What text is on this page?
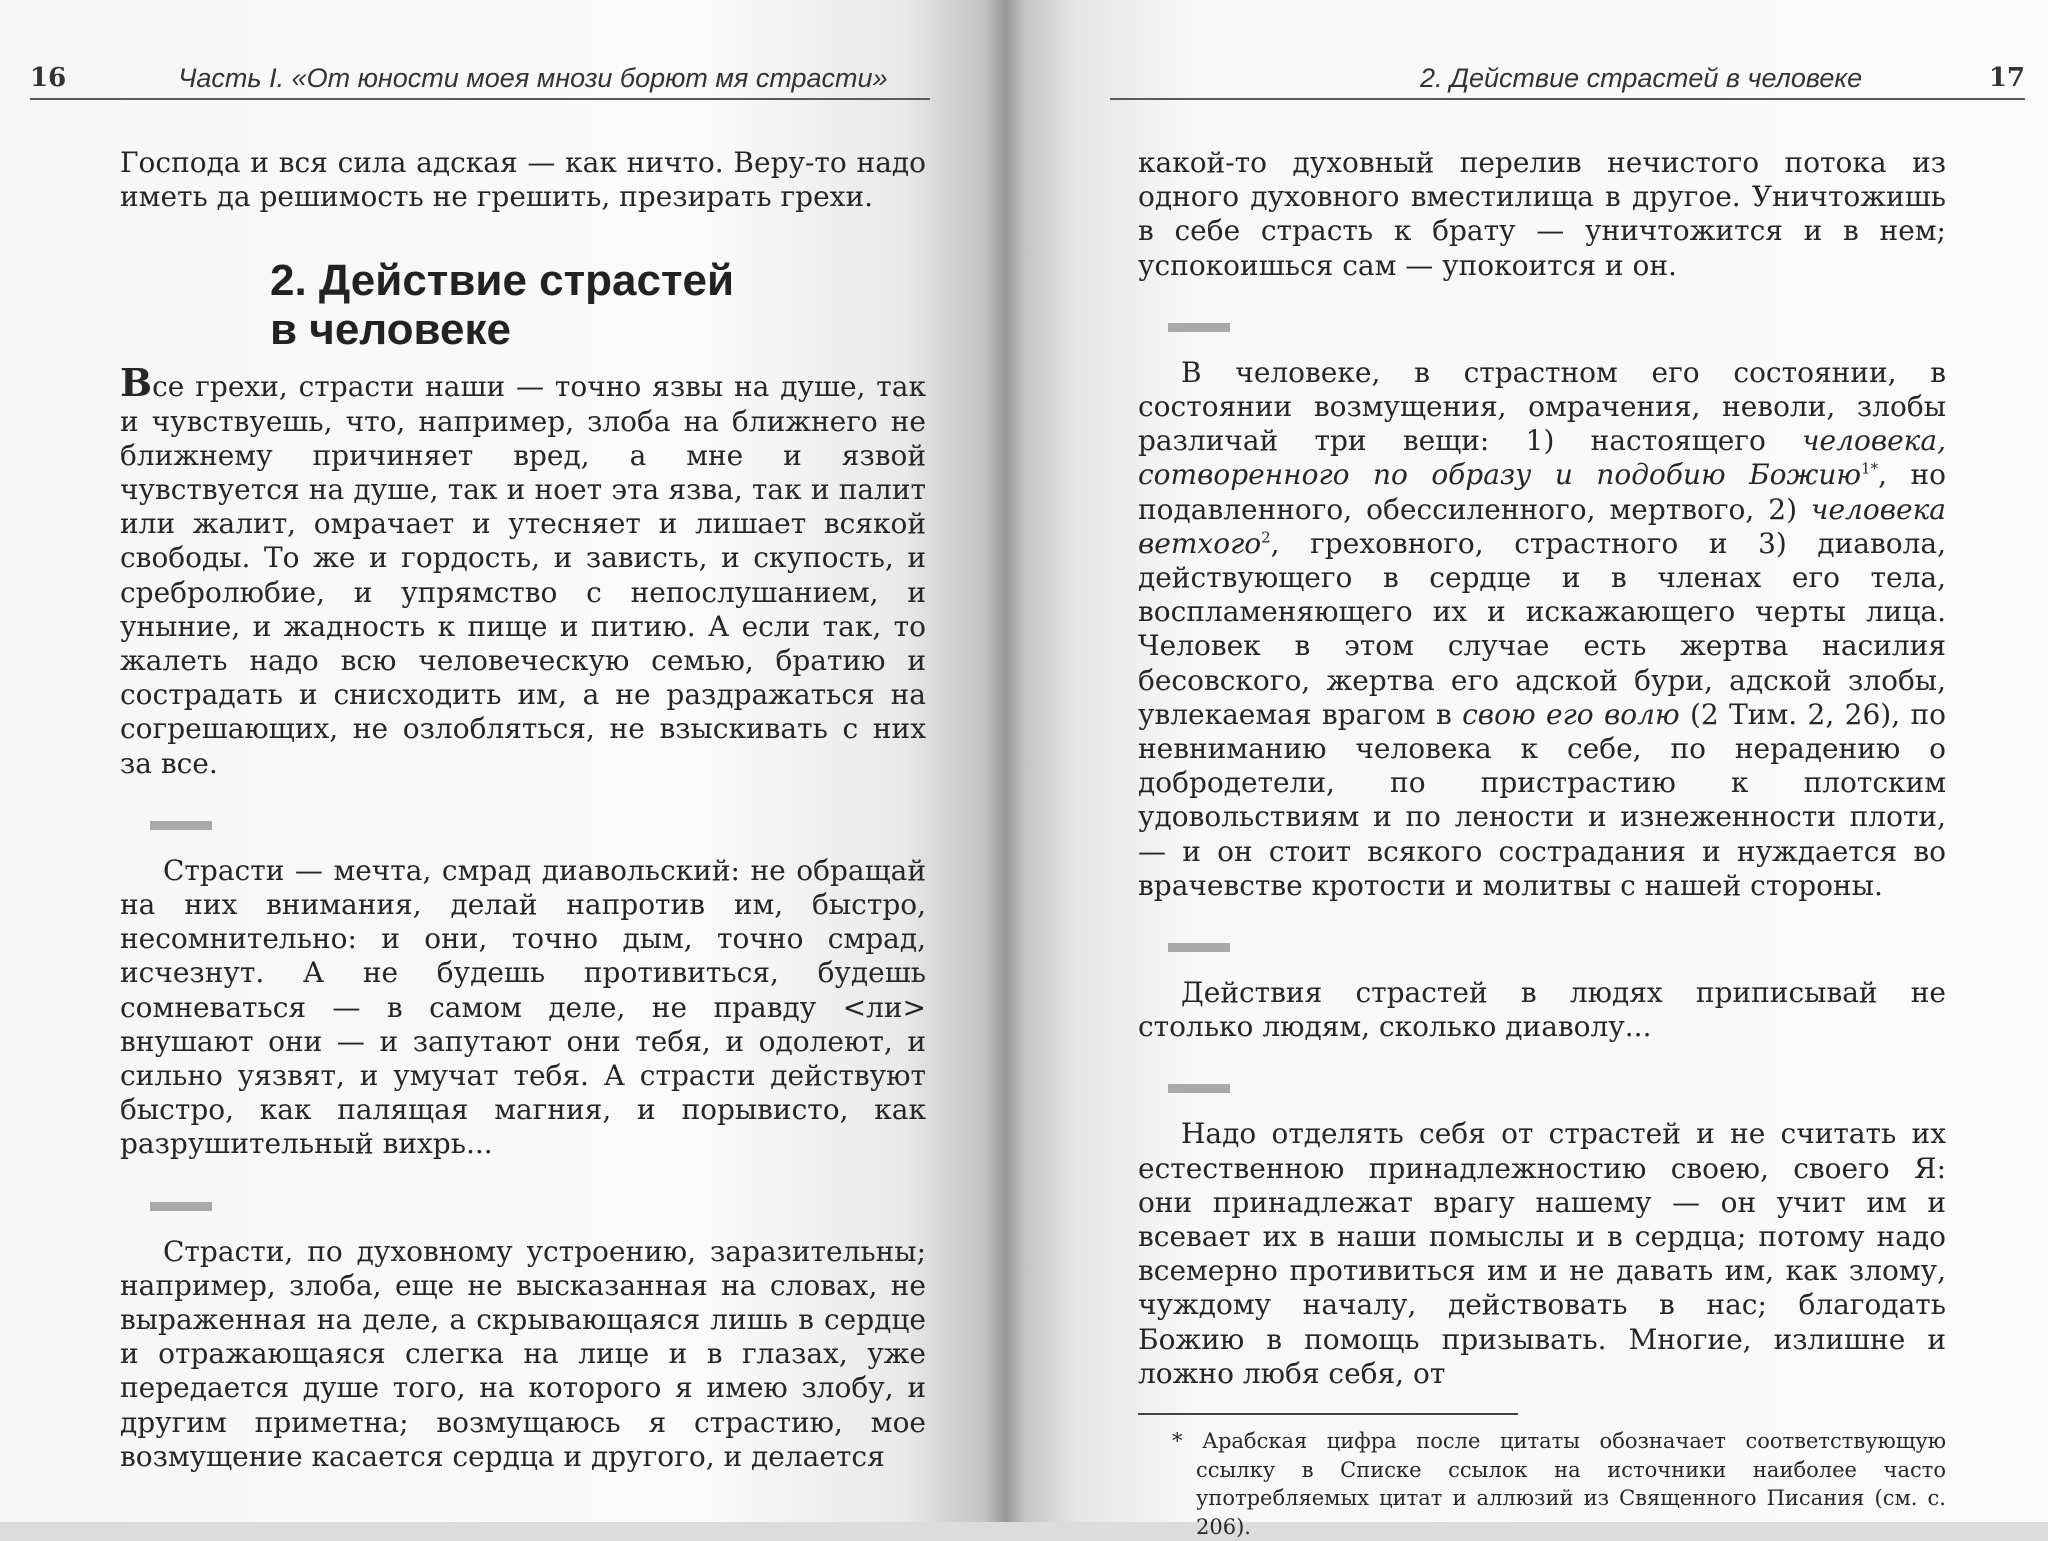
16	Часть I. «От юности моея мнози борют мя страсти»

Господа и вся сила адская — как ничто. Веру-то надо иметь да решимость не грешить, презирать грехи.

2. Действие страстей
в человеке

Все грехи, страсти наши — точно язвы на душе, так и чувствуешь, что, например, злоба на ближнего не ближнему причиняет вред, а мне и язвой чувствуется на душе, так и ноет эта язва, так и палит или жалит, омрачает и утесняет и лишает всякой свободы. То же и гордость, и зависть, и скупость, и сребролюбие, и упрямство с непослушанием, и уныние, и жадность к пище и питию. А если так, то жалеть надо всю человеческую семью, братию и сострадать и снисходить им, а не раздражаться на согрешающих, не озлобляться, не взыскивать с них за все.

Страсти — мечта, смрад диавольский: не обращай на них внимания, делай напротив им, быстро, несомнительно: и они, точно дым, точно смрад, исчезнут. А не будешь противиться, будешь сомневаться — в самом деле, не правду <ли> внушают они — и запутают они тебя, и одолеют, и сильно уязвят, и умучат тебя. А страсти действуют быстро, как палящая магния, и порывисто, как разрушительный вихрь...

Страсти, по духовному устроению, заразительны; например, злоба, еще не высказанная на словах, не выраженная на деле, а скрывающаяся лишь в сердце и отражающаяся слегка на лице и в глазах, уже передается душе того, на которого я имею злобу, и другим приметна; возмущаюсь я страстию, мое возмущение касается сердца и другого, и делается

2. Действие страстей в человеке	17

какой-то духовный перелив нечистого потока из одного духовного вместилища в другое. Уничтожишь в себе страсть к брату — уничтожится и в нем; успокоишься сам — упокоится и он.

В человеке, в страстном его состоянии, в состоянии возмущения, омрачения, неволи, злобы различай три вещи: 1) настоящего человека, сотворенного по образу и подобию Божию$^{1*}$, но подавленного, обессиленного, мертвого, 2) человека ветхого$^2$, греховного, страстного и 3) диавола, действующего в сердце и в членах его тела, воспламеняющего их и искажающего черты лица. Человек в этом случае есть жертва насилия бесовского, жертва его адской бури, адской злобы, увлекаемая врагом в свою его волю (2 Тим. 2, 26), по невниманию человека к себе, по нерадению о добродетели, по пристрастию к плотским удовольствиям и по лености и изнеженности плоти, — и он стоит всякого сострадания и нуждается во врачевстве кротости и молитвы с нашей стороны.

Действия страстей в людях приписывай не столько людям, сколько диаволу...

Надо отделять себя от страстей и не считать их естественною принадлежностию своею, своего Я: они принадлежат врагу нашему — он учит им и всевает их в наши помыслы и в сердца; потому надо всемерно противиться им и не давать им, как злому, чуждому началу, действовать в нас; благодать Божию в помощь призывать. Многие, излишне и ложно любя себя, от

* Арабская цифра после цитаты обозначает соответствующую ссылку в Списке ссылок на источники наиболее часто употребляемых цитат и аллюзий из Священного Писания (см. с. 206).
